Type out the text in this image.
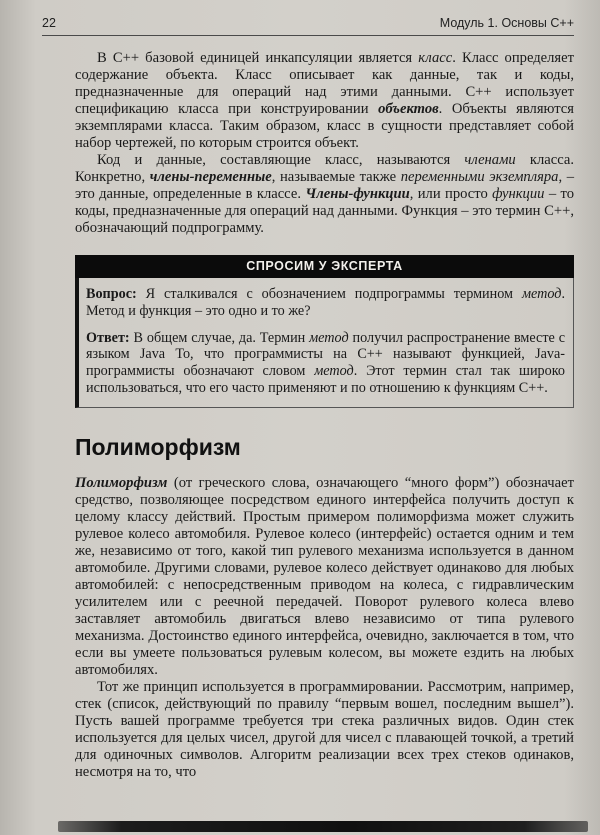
22	Модуль 1. Основы C++

В C++ базовой единицей инкапсуляции является класс. Класс определяет содержание объекта. Класс описывает как данные, так и коды, предназначенные для операций над этими данными. C++ использует спецификацию класса при конструировании объектов. Объекты являются экземплярами класса. Таким образом, класс в сущности представляет собой набор чертежей, по которым строится объект.

Код и данные, составляющие класс, называются членами класса. Конкретно, члены-переменные, называемые также переменными экземпляра, – это данные, определенные в классе. Члены-функции, или просто функции – то коды, предназначенные для операций над данными. Функция – это термин C++, обозначающий подпрограмму.

СПРОСИМ У ЭКСПЕРТА

Вопрос: Я сталкивался с обозначением подпрограммы термином метод. Метод и функция – это одно и то же?

Ответ: В общем случае, да. Термин метод получил распространение вместе с языком Java То, что программисты на C++ называют функцией, Java-программисты обозначают словом метод. Этот термин стал так широко использоваться, что его часто применяют и по отношению к функциям C++.

Полиморфизм

Полиморфизм (от греческого слова, означающего “много форм”) обозначает средство, позволяющее посредством единого интерфейса получить доступ к целому классу действий. Простым примером полиморфизма может служить рулевое колесо автомобиля. Рулевое колесо (интерфейс) остается одним и тем же, независимо от того, какой тип рулевого механизма используется в данном автомобиле. Другими словами, рулевое колесо действует одинаково для любых автомобилей: с непосредственным приводом на колеса, с гидравлическим усилителем или с реечной передачей. Поворот рулевого колеса влево заставляет автомобиль двигаться влево независимо от типа рулевого механизма. Достоинство единого интерфейса, очевидно, заключается в том, что если вы умеете пользоваться рулевым колесом, вы можете ездить на любых автомобилях.

Тот же принцип используется в программировании. Рассмотрим, например, стек (список, действующий по правилу “первым вошел, последним вышел”). Пусть вашей программе требуется три стека различных видов. Один стек используется для целых чисел, другой для чисел с плавающей точкой, а третий для одиночных символов. Алгоритм реализации всех трех стеков одинаков, несмотря на то, что
